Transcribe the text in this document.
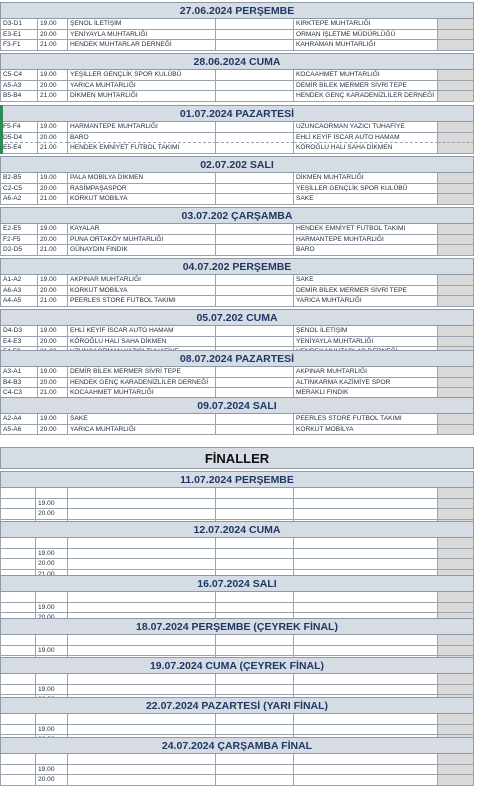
27.06.2024 PERŞEMBE
D3-D1	19.00	ŞENOL İLETİŞİM	KIRKTEPE MUHTARLIĞI
E3-E1	20.00	YENİYAYLA MUHTARLIĞI	ORMAN İŞLETME MÜDÜRLÜĞÜ
F3-F1	21.00	HENDEK MUHTARLAR DERNEĞİ	KAHRAMAN MUHTARLIĞI
28.06.2024 CUMA
C5-C4	19.00	YEŞİLLER GENÇLİK SPOR KULÜBÜ	KOCAAHMET MUHTARLIĞI
A5-A3	20.00	YARICA MUHTARLIĞI	DEMİR BİLEK MERMER SİVRİ TEPE
B5-B4	21.00	DİKMEN MUHTARLIĞI	HENDEK GENÇ KARADENİZLİLER DERNEĞİ
01.07.2024 PAZARTESİ
F5-F4	19.00	HARMANTEPE MUHTARLIĞI	UZUNCAORMAN YAZICI TUHAFİYE
D5-D4	20.00	BARO	EHLİ KEYİF İSCAR AUTO HAMAM
E5-E4	21.00	HENDEK EMNİYET FUTBOL TAKIMI	KÖROĞLU HALI SAHA DİKMEN
02.07.202 SALI
B2-B5	19.00	PALA MOBİLYA DİKMEN	DİKMEN MUHTARLIĞI
C2-C5	20.00	RASİMPAŞASPOR	YEŞİLLER GENÇLİK SPOR KULÜBÜ
A6-A2	21.00	KORKUT MOBİLYA	SAKE
03.07.202 ÇARŞAMBA
E2-E5	19.00	KAYALAR	HENDEK EMNİYET FUTBOL TAKIMI
F2-F5	20.00	PUNA ORTAKÖY MUHTARLIĞI	HARMANTEPE MUHTARLIĞI
D2-D5	21.00	GÜNAYDIN FINDIK	BARO
04.07.202 PERŞEMBE
A1-A2	19.00	AKPINAR MUHTARLIĞI	SAKE
A6-A3	20.00	KORKUT MOBİLYA	DEMİR BİLEK MERMER SİVRİ TEPE
A4-A5	21.00	PEERLES STORE FUTBOL TAKIMI	YARICA MUHTARLIĞI
05.07.202 CUMA
D4-D3	19.00	EHLİ KEYİF İSCAR AUTO HAMAM	ŞENOL İLETİŞİM
E4-E3	20.00	KÖROĞLU HALI SAHA DİKMEN	YENİYAYLA MUHTARLIĞI
08.07.2024 PAZARTESİ
A3-A1	19.00	DEMİR BİLEK MERMER SİVRİ TEPE	AKPINAR MUHTARLIĞI
B4-B3	20.00	HENDEK GENÇ KARADENİZLİLER DERNEĞİ	ALTINKARMA KAZİMİYE SPOR
C4-C3	21.00	KOCAAHMET MUHTARLIĞI	MERAKLI FINDIK
09.07.2024 SALI
A2-A4	19.00	SAKE	PEERLES STORE FUTBOL TAKIMI
A5-A6	20.00	YARICA MUHTARLIĞI	KORKUT MOBİLYA
FİNALLER
11.07.2024 PERŞEMBE
19.00
20.00
12.07.2024 CUMA
19.00
20.00
16.07.2024 SALI
19.00
18.07.2024 PERŞEMBE (ÇEYREK FİNAL)
19.00
19.07.2024 CUMA (ÇEYREK FİNAL)
19.00
22.07.2024 PAZARTESİ (YARI FİNAL)
19.00
24.07.2024 ÇARŞAMBA FİNAL
19.00
20.00
